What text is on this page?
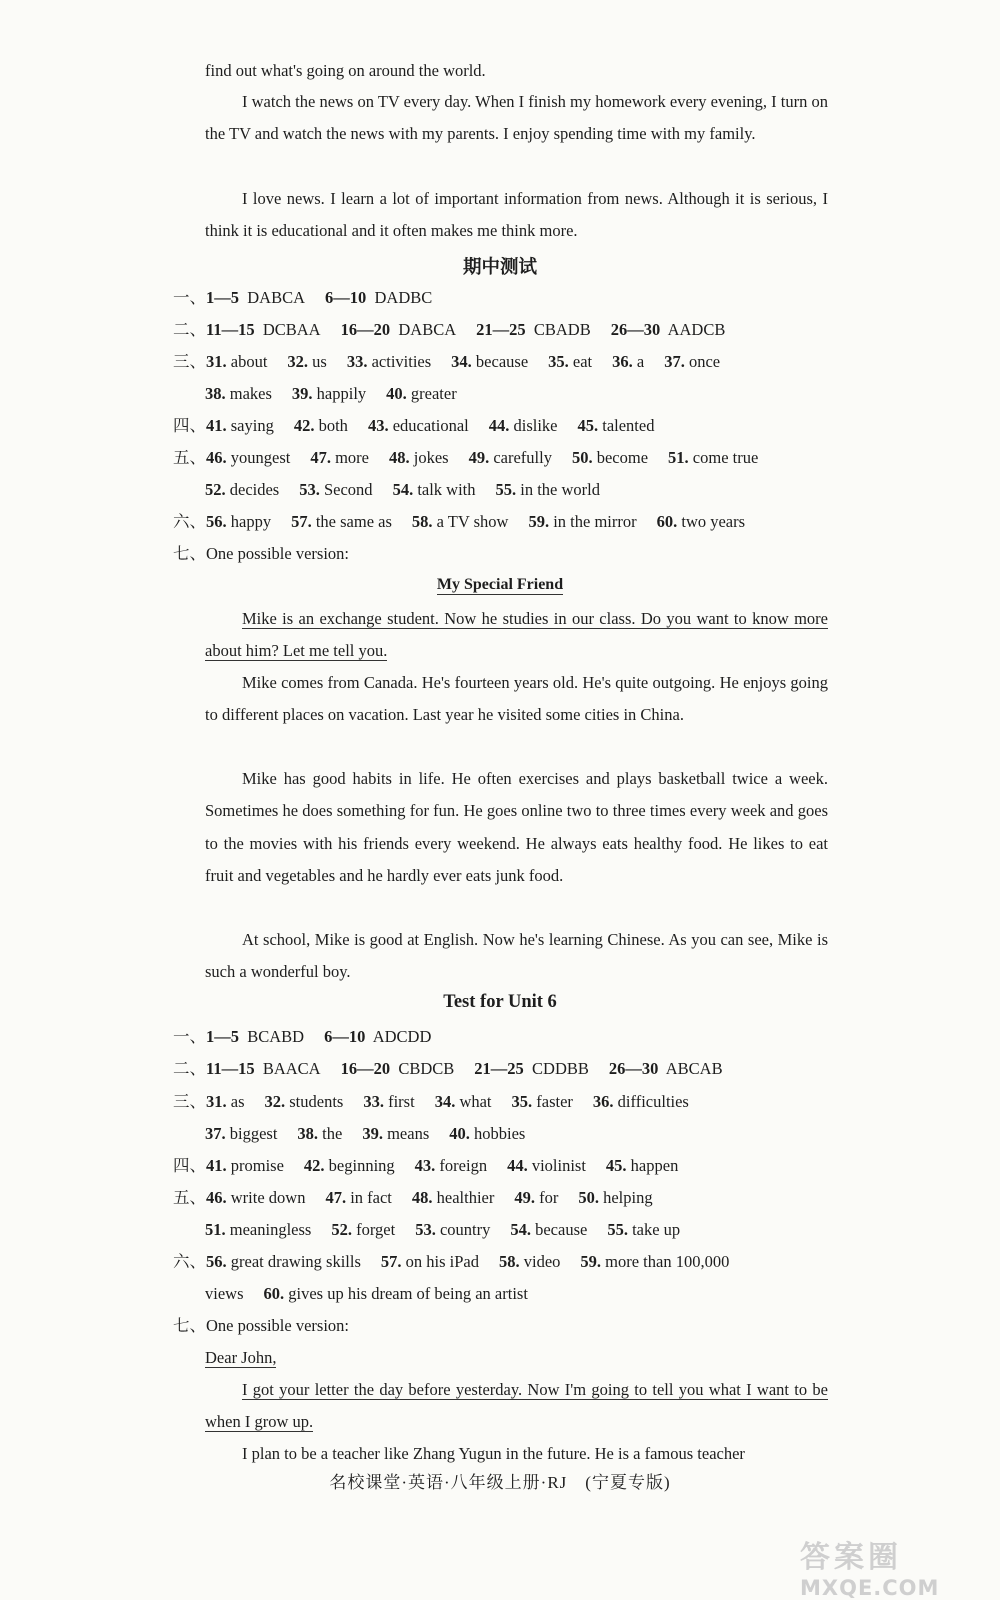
find out what's going on around the world.
I watch the news on TV every day. When I finish my homework every evening, I turn on the TV and watch the news with my parents. I enjoy spending time with my family.
I love news. I learn a lot of important information from news. Although it is serious, I think it is educational and it often makes me think more.
期中测试
一、1—5  DABCA 6—10  DADBC
二、11—15  DCBAA 16—20  DABCA 21—25  CBADB 26—30  AADCB
三、31. about 32. us 33. activities 34. because 35. eat 36. a 37. once
38. makes 39. happily 40. greater
四、41. saying 42. both 43. educational 44. dislike 45. talented
五、46. youngest 47. more 48. jokes 49. carefully 50. become 51. come true
52. decides 53. Second 54. talk with 55. in the world
六、56. happy 57. the same as 58. a TV show 59. in the mirror 60. two years
七、One possible version:
My Special Friend
Mike is an exchange student. Now he studies in our class. Do you want to know more about him? Let me tell you.
Mike comes from Canada. He's fourteen years old. He's quite outgoing. He enjoys going to different places on vacation. Last year he visited some cities in China.
Mike has good habits in life. He often exercises and plays basketball twice a week. Sometimes he does something for fun. He goes online two to three times every week and goes to the movies with his friends every weekend. He always eats healthy food. He likes to eat fruit and vegetables and he hardly ever eats junk food.
At school, Mike is good at English. Now he's learning Chinese. As you can see, Mike is such a wonderful boy.
Test for Unit 6
一、1—5  BCABD 6—10  ADCDD
二、11—15  BAACA 16—20  CBDCB 21—25  CDDBB 26—30  ABCAB
三、31. as 32. students 33. first 34. what 35. faster 36. difficulties
37. biggest 38. the 39. means 40. hobbies
四、41. promise 42. beginning 43. foreign 44. violinist 45. happen
五、46. write down 47. in fact 48. healthier 49. for 50. helping
51. meaningless 52. forget 53. country 54. because 55. take up
六、56. great drawing skills 57. on his iPad 58. video 59. more than 100,000
views 60. gives up his dream of being an artist
七、One possible version:
Dear John,
I got your letter the day before yesterday. Now I'm going to tell you what I want to be when I grow up.
I plan to be a teacher like Zhang Yugun in the future. He is a famous teacher
名校课堂·英语·八年级上册·RJ　(宁夏专版)
答案圈
MXQE.COM
